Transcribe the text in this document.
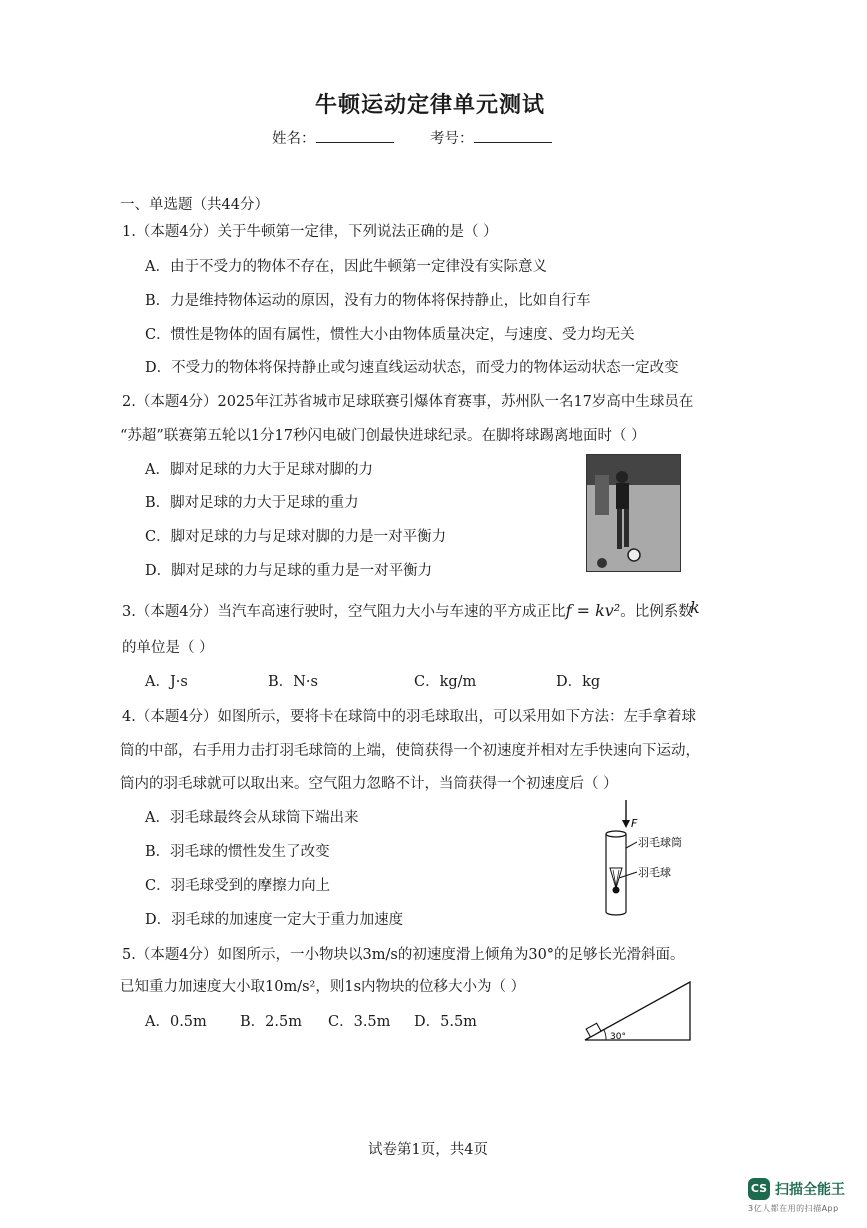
牛顿运动定律单元测试
姓名：	考号：
一、单选题（共44分）
1.（本题4分）关于牛顿第一定律，下列说法正确的是（ ）
A．由于不受力的物体不存在，因此牛顿第一定律没有实际意义
B．力是维持物体运动的原因，没有力的物体将保持静止，比如自行车
C．惯性是物体的固有属性，惯性大小由物体质量决定，与速度、受力均无关
D．不受力的物体将保持静止或匀速直线运动状态，而受力的物体运动状态一定改变
2.（本题4分）2025年江苏省城市足球联赛引爆体育赛事，苏州队一名17岁高中生球员在
“苏超”联赛第五轮以1分17秒闪电破门创最快进球纪录。在脚将球踢离地面时（ ）
A．脚对足球的力大于足球对脚的力
B．脚对足球的力大于足球的重力
C．脚对足球的力与足球对脚的力是一对平衡力
D．脚对足球的力与足球的重力是一对平衡力
3.（本题4分）当汽车高速行驶时，空气阻力大小与车速的平方成正比f = kv²。比例系数
k
的单位是（ ）
A．J·s	B．N·s	C．kg/m	D．kg
4.（本题4分）如图所示，要将卡在球筒中的羽毛球取出，可以采用如下方法：左手拿着球
筒的中部，右手用力击打羽毛球筒的上端，使筒获得一个初速度并相对左手快速向下运动，
筒内的羽毛球就可以取出来。空气阻力忽略不计，当筒获得一个初速度后（ ）
A．羽毛球最终会从球筒下端出来
B．羽毛球的惯性发生了改变
C．羽毛球受到的摩擦力向上
D．羽毛球的加速度一定大于重力加速度
F
羽毛球筒
羽毛球
5.（本题4分）如图所示，一小物块以3m/s的初速度滑上倾角为30°的足够长光滑斜面。
已知重力加速度大小取10m/s²，则1s内物块的位移大小为（ ）
A．0.5m B．2.5m C．3.5m D．5.5m
30°
试卷第1页，共4页
CS 扫描全能王
3亿人都在用的扫描App
